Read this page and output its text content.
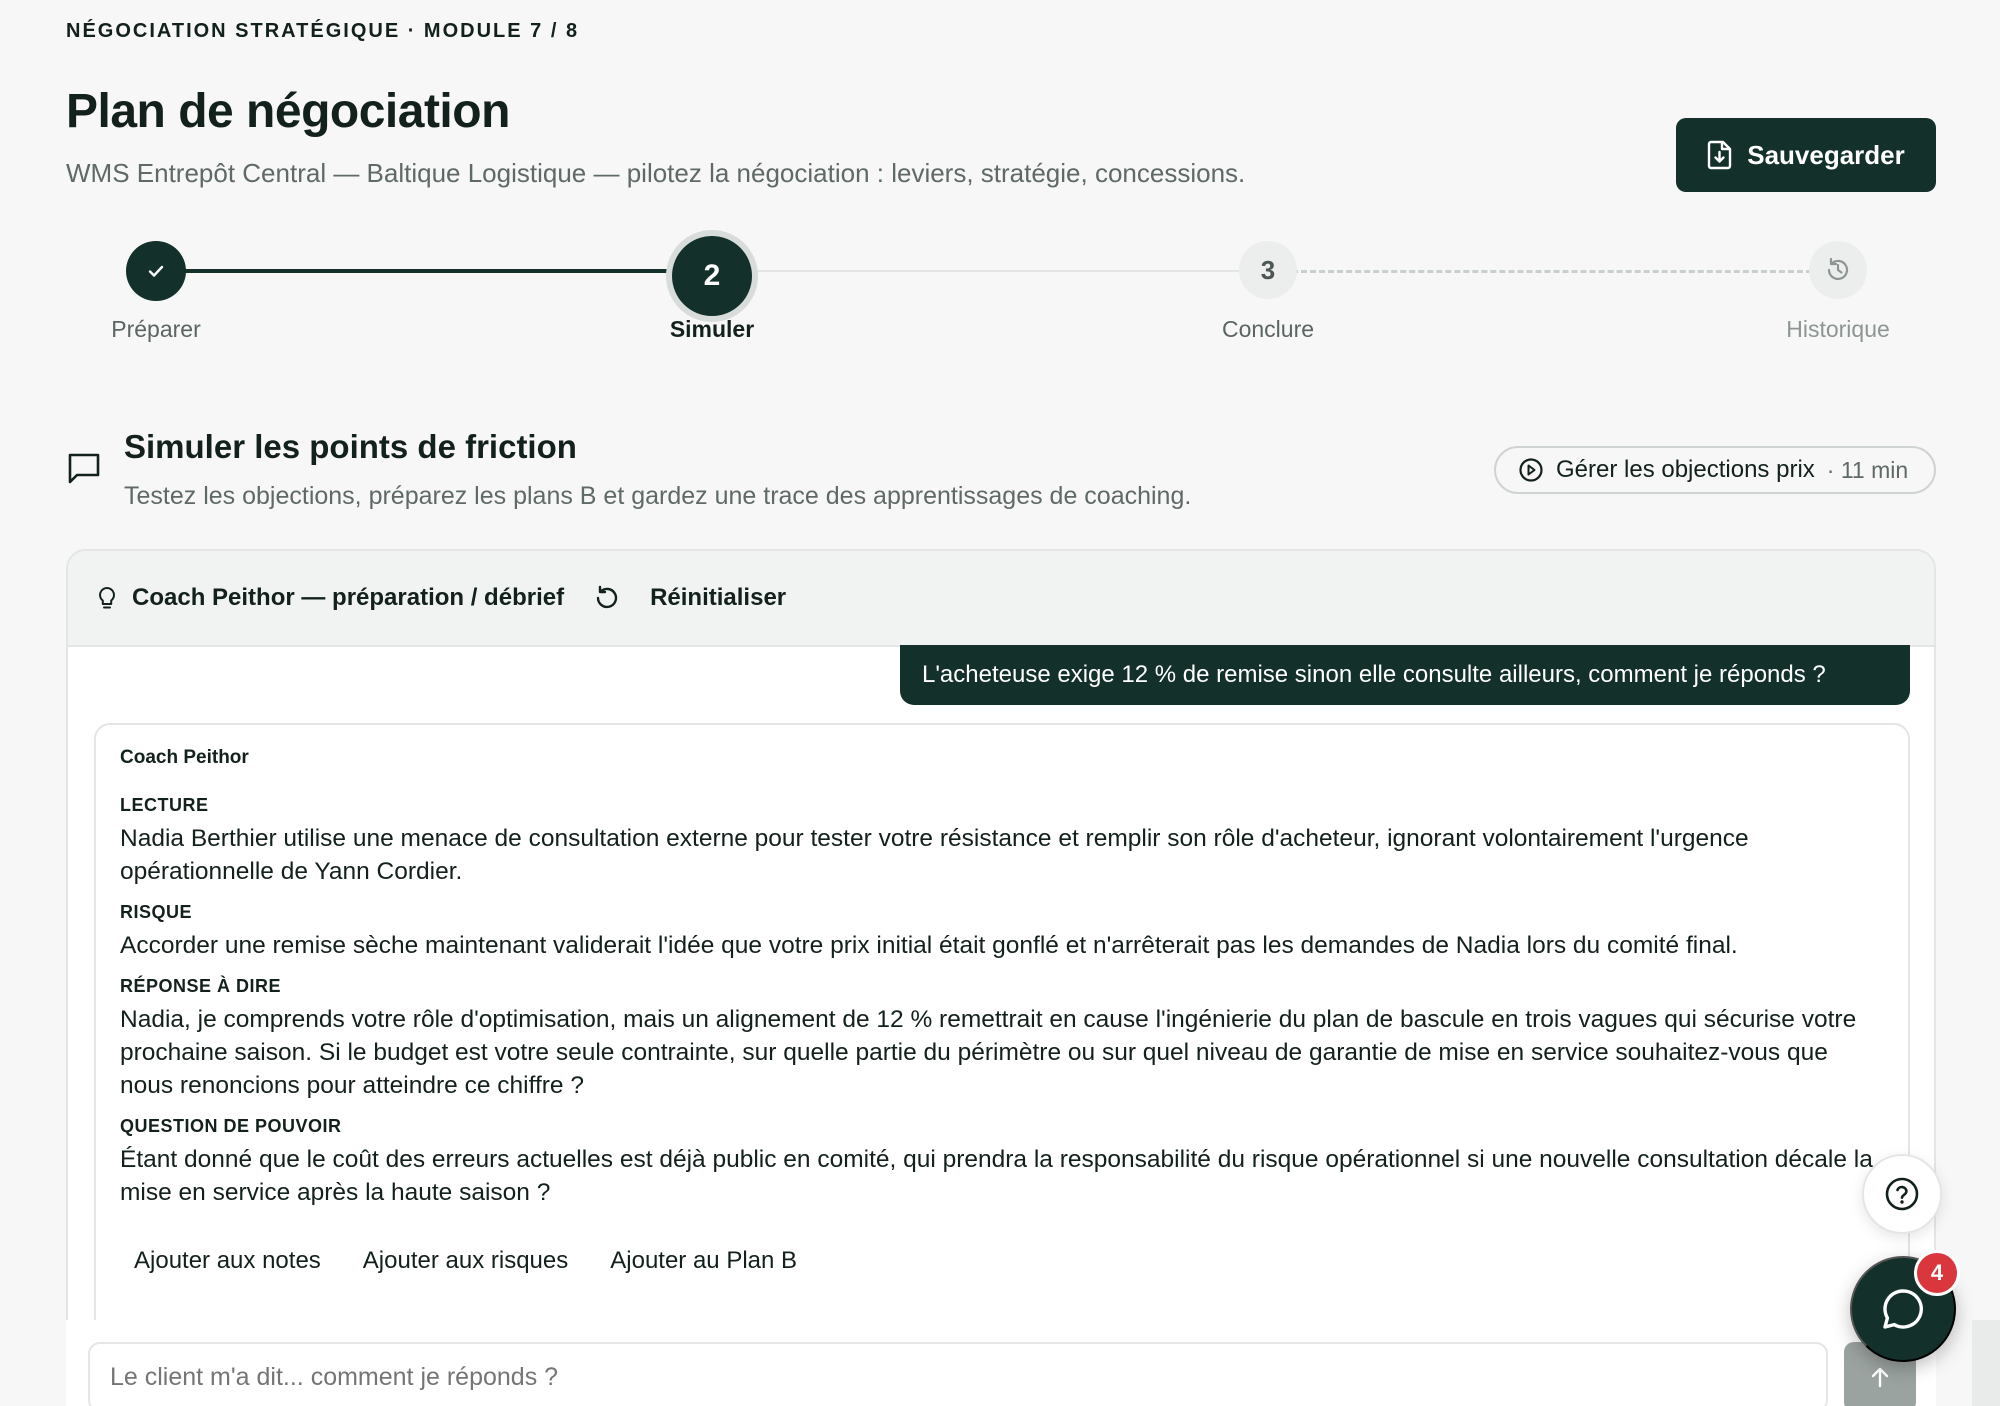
NÉGOCIATION STRATÉGIQUE · MODULE 7 / 8
Plan de négociation
WMS Entrepôt Central — Baltique Logistique — pilotez la négociation : leviers, stratégie, concessions.
Sauvegarder
2	3
Préparer	Simuler	Conclure	Historique
Simuler les points de friction
Testez les objections, préparez les plans B et gardez une trace des apprentissages de coaching.
Gérer les objections prix · 11 min
Coach Peithor — préparation / débrief	Réinitialiser
L'acheteuse exige 12 % de remise sinon elle consulte ailleurs, comment je réponds ?
Coach Peithor
LECTURE
Nadia Berthier utilise une menace de consultation externe pour tester votre résistance et remplir son rôle d'acheteur, ignorant volontairement l'urgence opérationnelle de Yann Cordier.
RISQUE
Accorder une remise sèche maintenant validerait l'idée que votre prix initial était gonflé et n'arrêterait pas les demandes de Nadia lors du comité final.
RÉPONSE À DIRE
Nadia, je comprends votre rôle d'optimisation, mais un alignement de 12 % remettrait en cause l'ingénierie du plan de bascule en trois vagues qui sécurise votre prochaine saison. Si le budget est votre seule contrainte, sur quelle partie du périmètre ou sur quel niveau de garantie de mise en service souhaitez-vous que nous renoncions pour atteindre ce chiffre ?
QUESTION DE POUVOIR
Étant donné que le coût des erreurs actuelles est déjà public en comité, qui prendra la responsabilité du risque opérationnel si une nouvelle consultation décale la mise en service après la haute saison ?
Ajouter aux notes Ajouter aux risques Ajouter au Plan B
Le client m'a dit... comment je réponds ?	4
